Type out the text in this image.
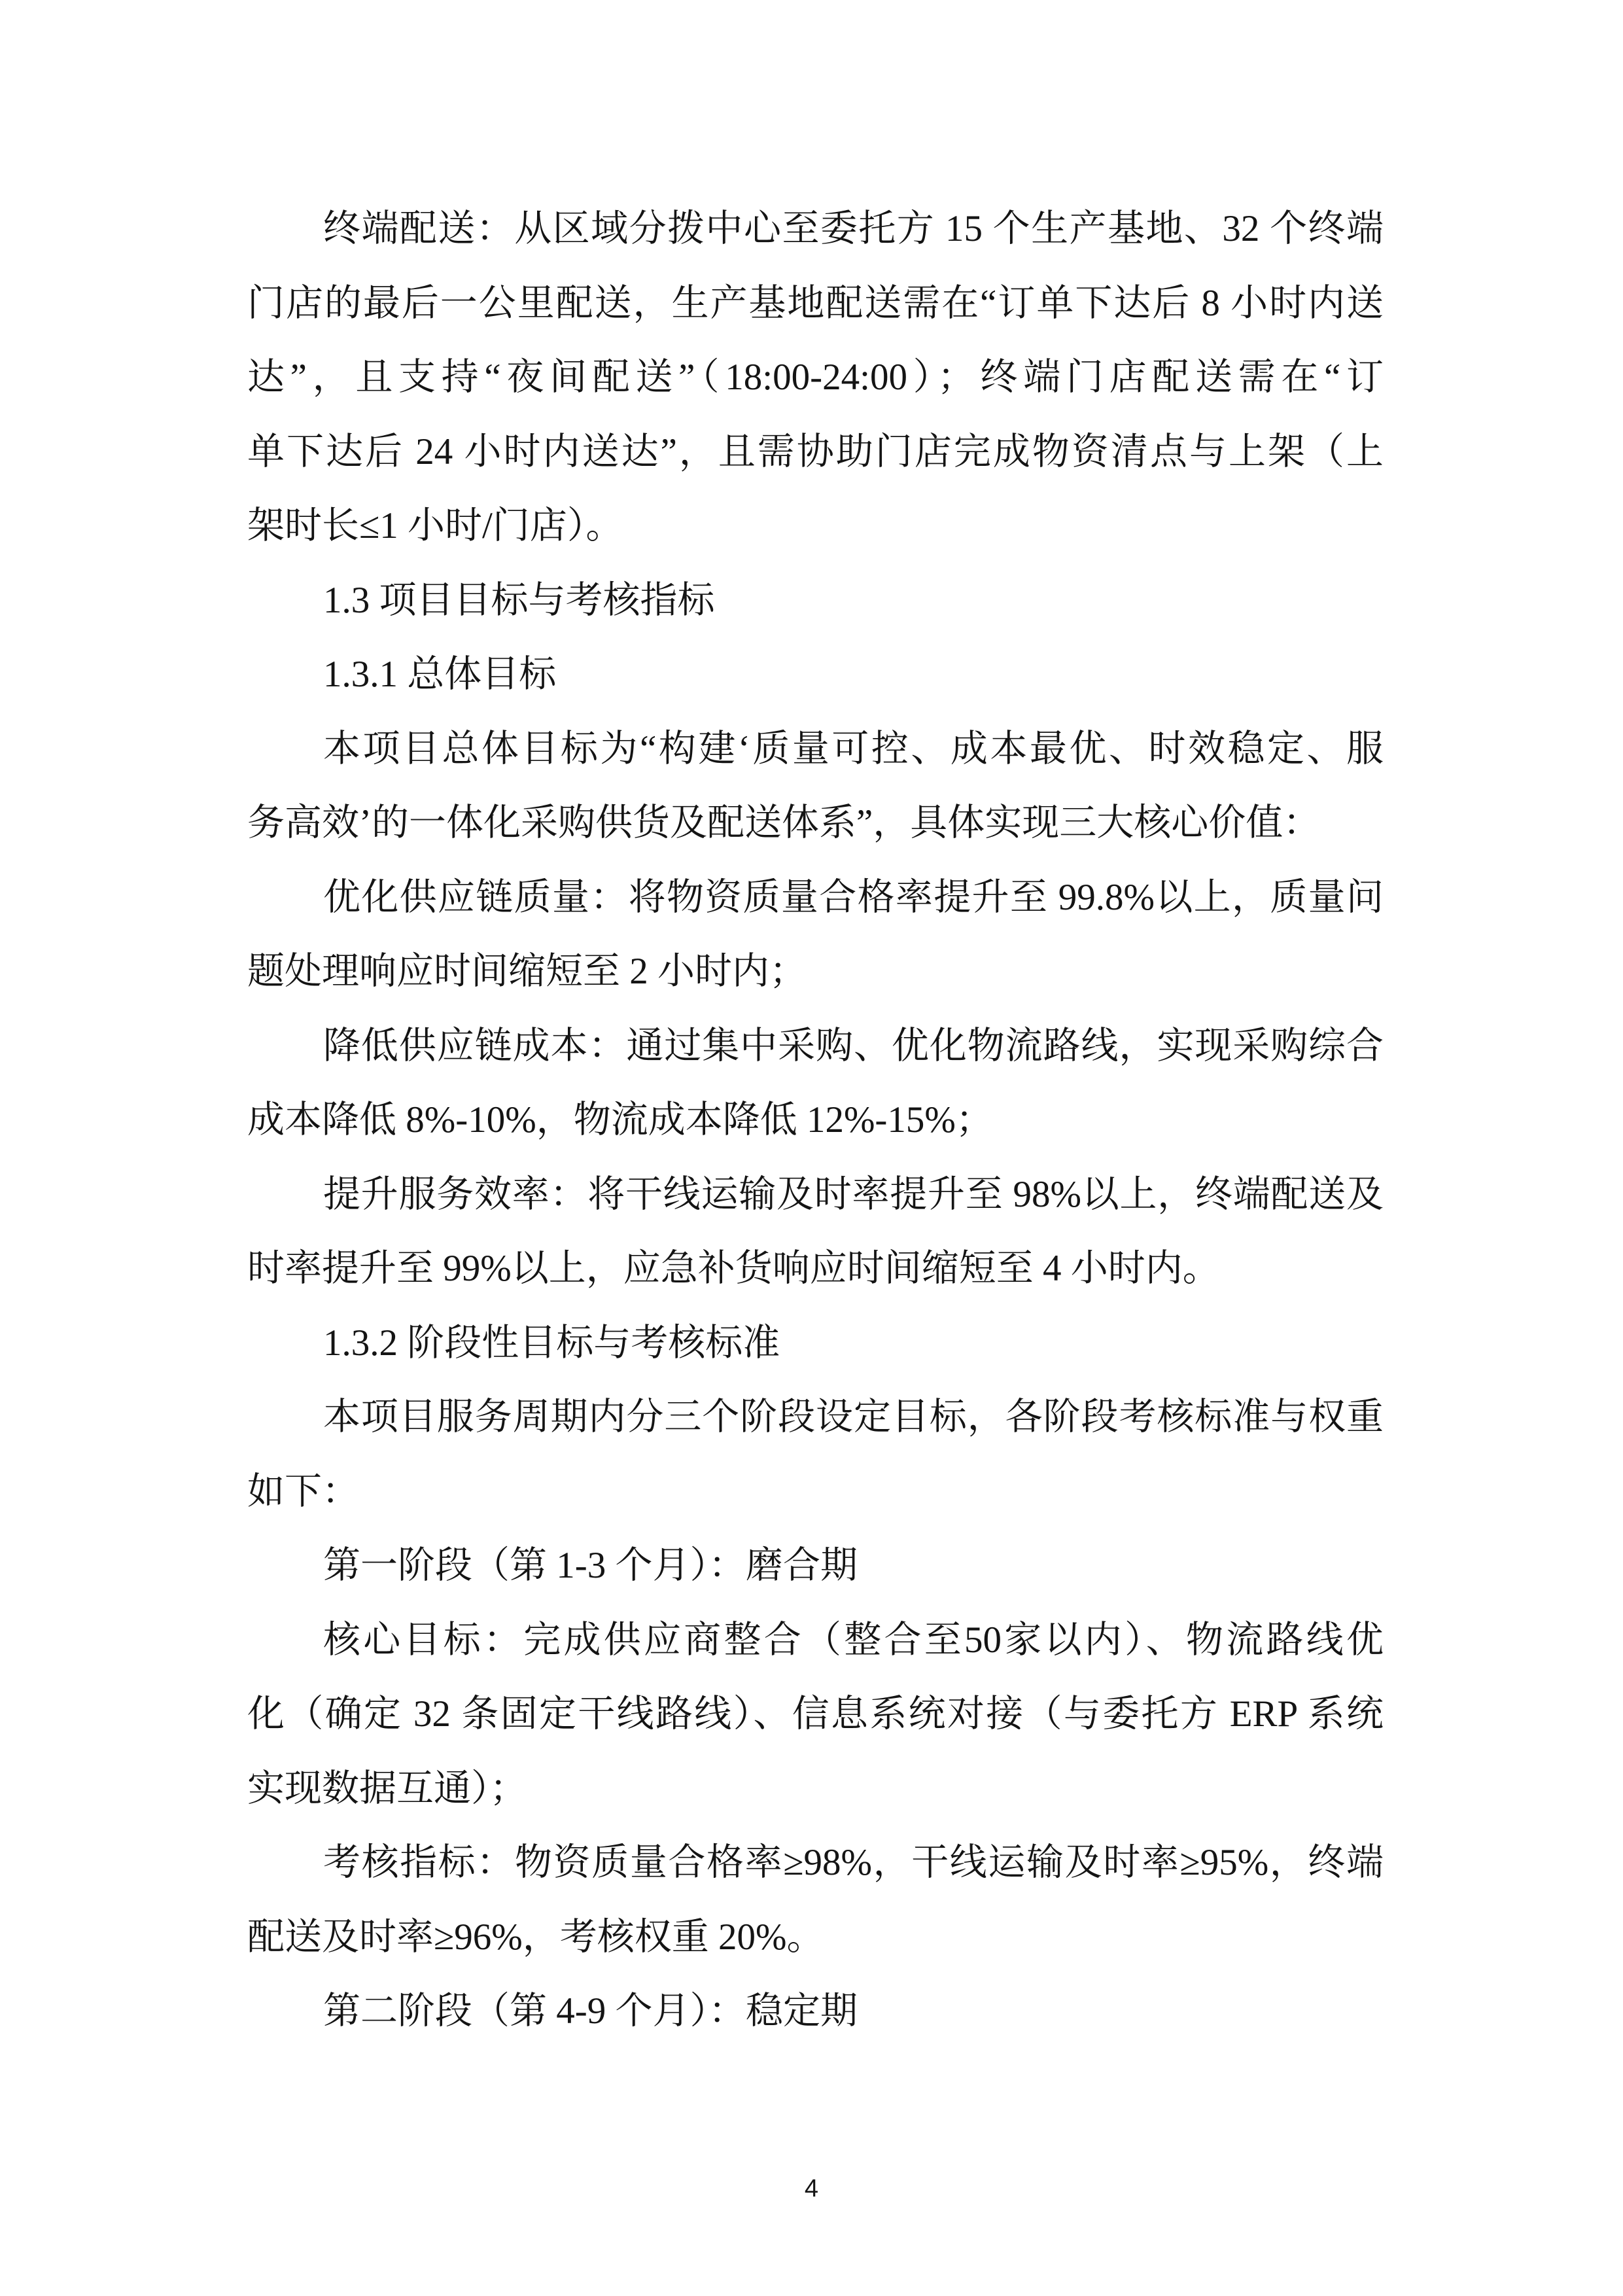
终端配送：从区域分拨中心至委托方 15 个生产基地、32 个终端
门店的最后一公里配送，生产基地配送需在“订单下达后 8 小时内送
达”，且支持“夜间配送”（18:00-24:00）；终端门店配送需在“订
单下达后 24 小时内送达”，且需协助门店完成物资清点与上架（上
架时长≤1 小时/门店）。
1.3 项目目标与考核指标
1.3.1 总体目标
本项目总体目标为“构建‘质量可控、成本最优、时效稳定、服
务高效’的一体化采购供货及配送体系”，具体实现三大核心价值：
优化供应链质量：将物资质量合格率提升至 99.8%以上，质量问
题处理响应时间缩短至 2 小时内；
降低供应链成本：通过集中采购、优化物流路线，实现采购综合
成本降低 8%-10%，物流成本降低 12%-15%；
提升服务效率：将干线运输及时率提升至 98%以上，终端配送及
时率提升至 99%以上，应急补货响应时间缩短至 4 小时内。
1.3.2 阶段性目标与考核标准
本项目服务周期内分三个阶段设定目标，各阶段考核标准与权重
如下：
第一阶段（第 1-3 个月）：磨合期
核心目标：完成供应商整合（整合至50家以内）、物流路线优
化（确定 32 条固定干线路线）、信息系统对接（与委托方 ERP 系统
实现数据互通）；
考核指标：物资质量合格率≥98%，干线运输及时率≥95%，终端
配送及时率≥96%，考核权重 20%。
第二阶段（第 4-9 个月）：稳定期
4
